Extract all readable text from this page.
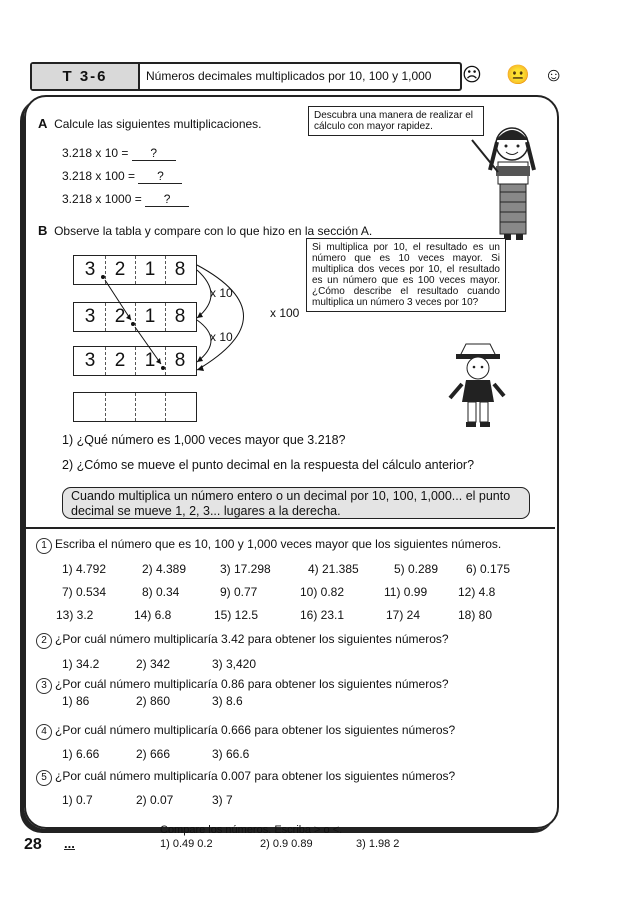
T 3-6	Números decimales multiplicados por 10, 100 y 1,000 ☹ 😐 ☺
A Calcule las siguientes multiplicaciones.
3.218 x 10 = ?
3.218 x 100 = ?
3.218 x 1000 = ?
Descubra una manera de realizar el cálculo con mayor rapidez.
B Observe la tabla y compare con lo que hizo en la sección A.
3	2	1	8
3	2	1	8
3	2	1	8
x 10
x 10
x 100
Si multiplica por 10, el resultado es un número que es 10 veces mayor. Si multiplica dos veces por 10, el resultado es un número que es 100 veces mayor. ¿Cómo describe el resultado cuando multiplica un número 3 veces por 10?
1) ¿Qué número es 1,000 veces mayor que 3.218?
2) ¿Cómo se mueve el punto decimal en la respuesta del cálculo anterior?
Cuando multiplica un número entero o un decimal por 10, 100, 1,000... el punto decimal se mueve 1, 2, 3... lugares a la derecha.
1 Escriba el número que es 10, 100 y 1,000 veces mayor que los siguientes números.
1) 4.792	2) 4.389	3) 17.298	4) 21.385	5) 0.289 6) 0.175
7) 0.534	8) 0.34	9) 0.77	10) 0.82	11) 0.99	12) 4.8
13) 3.2	14) 6.8	15) 12.5	16) 23.1	17) 24	18) 80
2 ¿Por cuál número multiplicaría 3.42 para obtener los siguientes números?
1) 34.2	2) 342	3) 3,420
3 ¿Por cuál número multiplicaría 0.86 para obtener los siguientes números?
1) 86	2) 860	3) 8.6
4 ¿Por cuál número multiplicaría 0.666 para obtener los siguientes números?
1) 6.66	2) 666	3) 66.6
5 ¿Por cuál número multiplicaría 0.007 para obtener los siguientes números?
1) 0.7	2) 0.07	3) 7
28 ...
Compare los números. Escriba > o <.
1) 0.49 0.2	2) 0.9 0.89	3) 1.98 2
